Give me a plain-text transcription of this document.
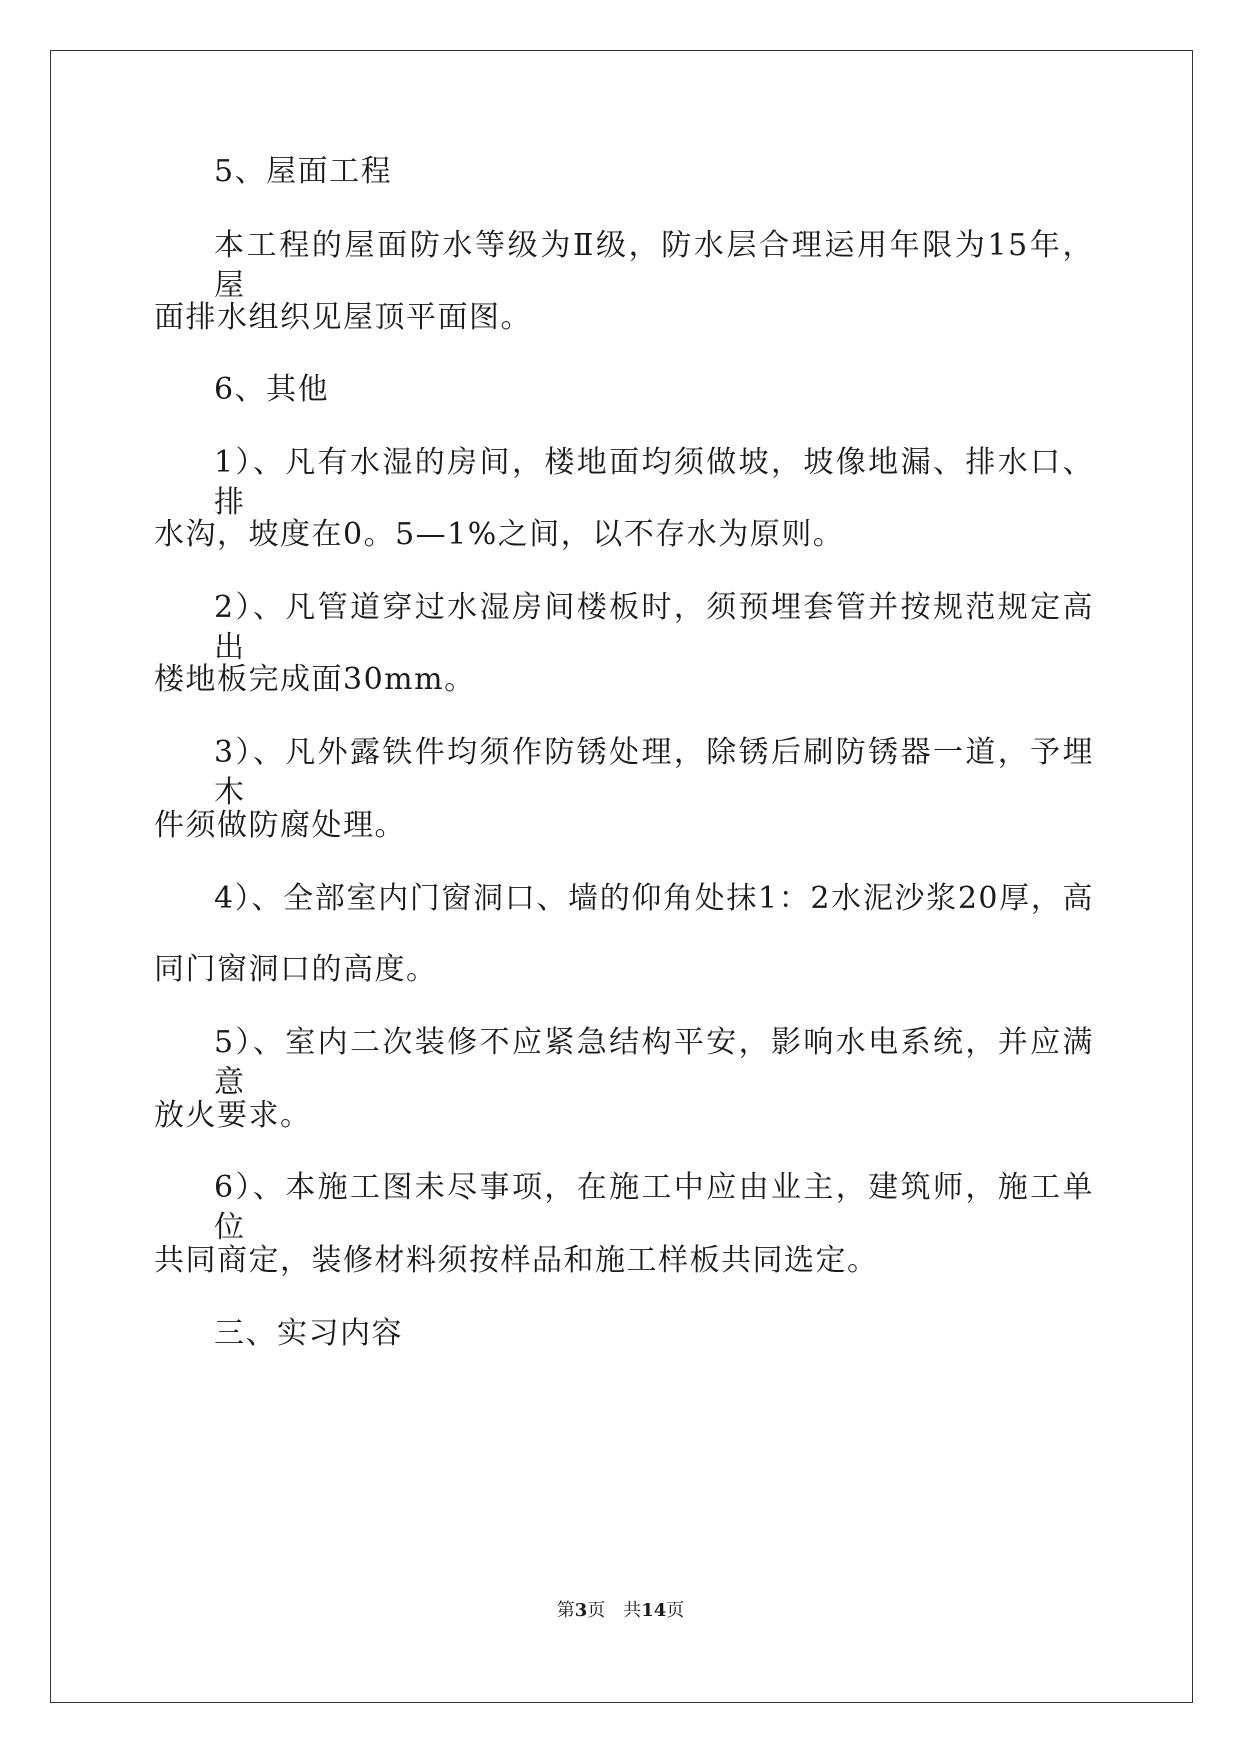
5、屋面工程
本工程的屋面防水等级为Ⅱ级，防水层合理运用年限为15年，屋
面排水组织见屋顶平面图。
6、其他
1）、凡有水湿的房间，楼地面均须做坡，坡像地漏、排水口、排
水沟，坡度在0。5—1%之间，以不存水为原则。
2）、凡管道穿过水湿房间楼板时，须预埋套管并按规范规定高出
楼地板完成面30mm。
3）、凡外露铁件均须作防锈处理，除锈后刷防锈器一道，予埋木
件须做防腐处理。
4）、全部室内门窗洞口、墙的仰角处抹1：2水泥沙浆20厚，高
同门窗洞口的高度。
5）、室内二次装修不应紧急结构平安，影响水电系统，并应满意
放火要求。
6）、本施工图未尽事项，在施工中应由业主，建筑师，施工单位
共同商定，装修材料须按样品和施工样板共同选定。
三、实习内容
第3页　共14页
